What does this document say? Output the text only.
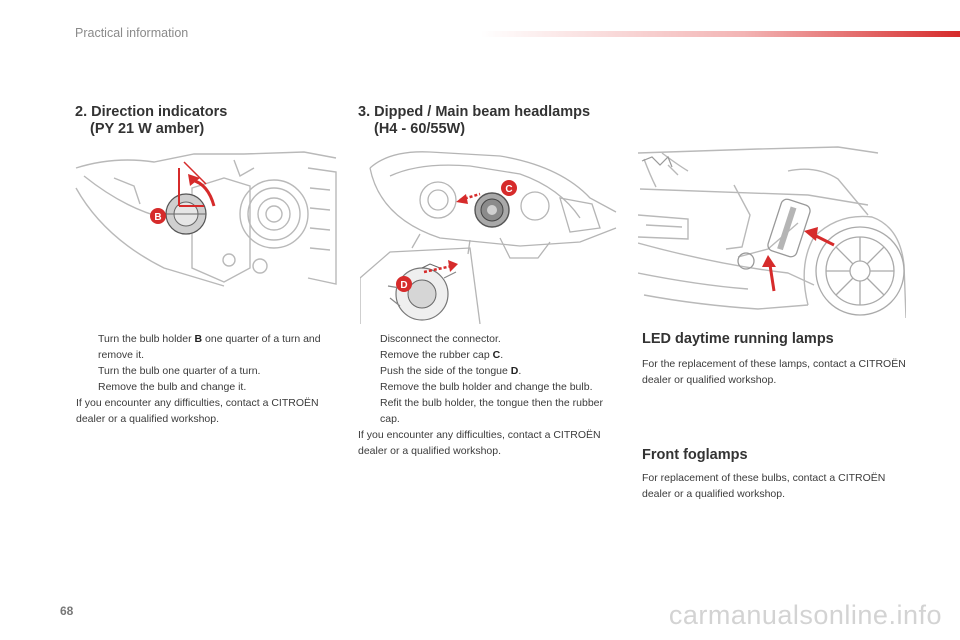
Practical information
2. Direction indicators
(PY 21 W amber)
B
Turn the bulb holder B one quarter of a turn and remove it.
Turn the bulb one quarter of a turn.
Remove the bulb and change it.
If you encounter any difficulties, contact a CITROËN dealer or a qualified workshop.
3. Dipped / Main beam headlamps
(H4 - 60/55W)
C
D
Disconnect the connector.
Remove the rubber cap C.
Push the side of the tongue D.
Remove the bulb holder and change the bulb.
Refit the bulb holder, the tongue then the rubber cap.
If you encounter any difficulties, contact a CITROËN dealer or a qualified workshop.
LED daytime running lamps
For the replacement of these lamps, contact a CITROËN dealer or qualified workshop.
Front foglamps
For replacement of these bulbs, contact a CITROËN dealer or a qualified workshop.
68	carmanualsonline.info
